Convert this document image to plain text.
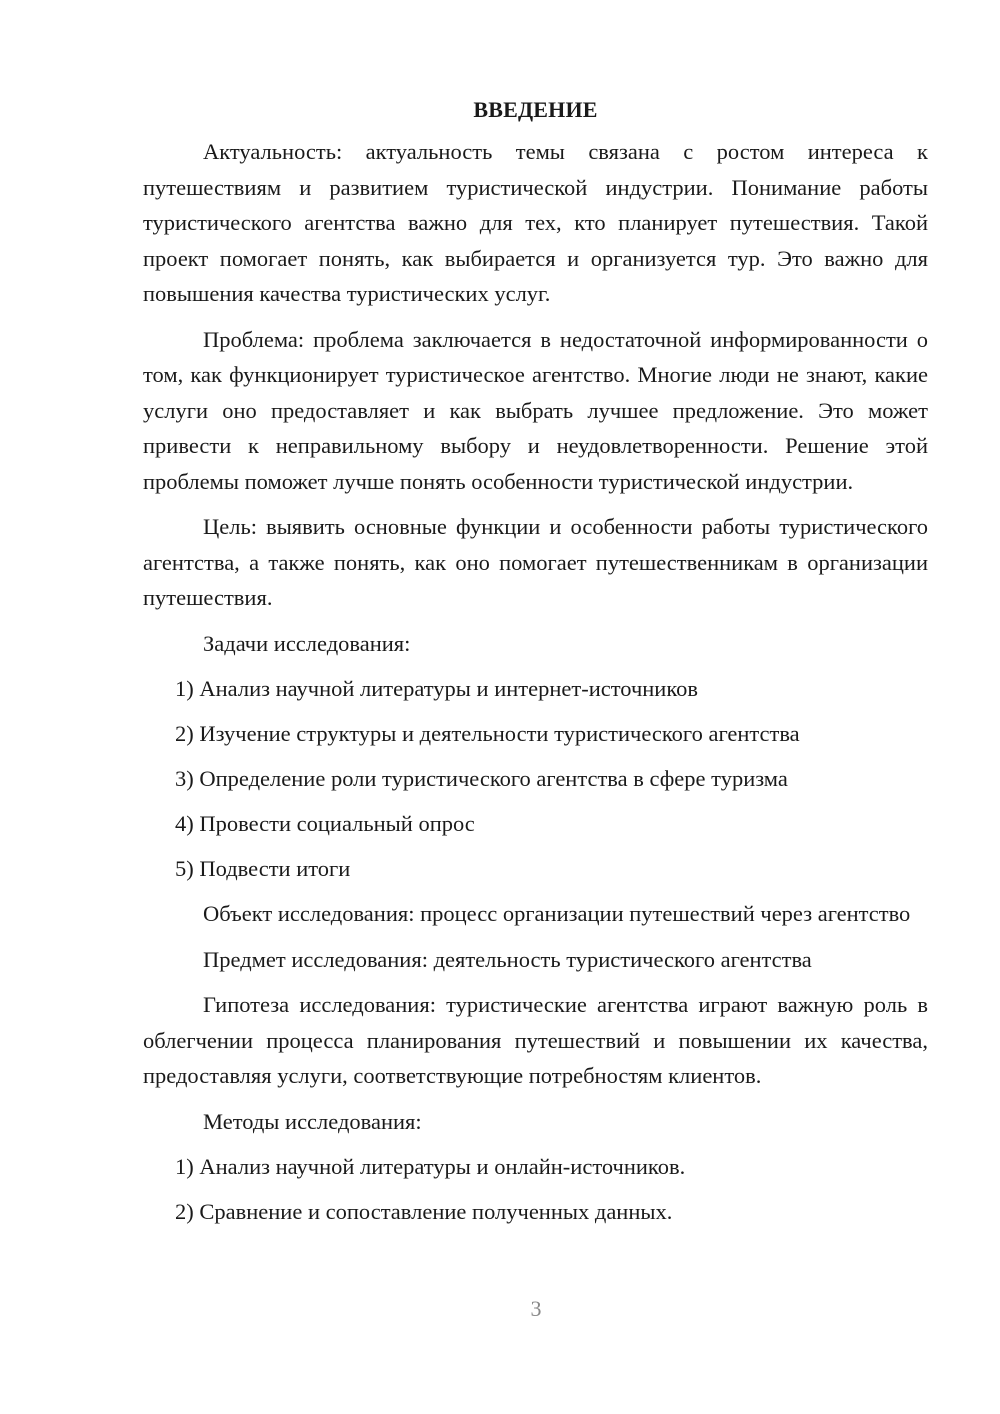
ВВЕДЕНИЕ

Актуальность: актуальность темы связана с ростом интереса к путешествиям и развитием туристической индустрии. Понимание работы туристического агентства важно для тех, кто планирует путешествия. Такой проект помогает понять, как выбирается и организуется тур. Это важно для повышения качества туристических услуг.

Проблема: проблема заключается в недостаточной информированности о том, как функционирует туристическое агентство. Многие люди не знают, какие услуги оно предоставляет и как выбрать лучшее предложение. Это может привести к неправильному выбору и неудовлетворенности. Решение этой проблемы поможет лучше понять особенности туристической индустрии.

Цель: выявить основные функции и особенности работы туристического агентства, а также понять, как оно помогает путешественникам в организации путешествия.

Задачи исследования:

1) Анализ научной литературы и интернет-источников

2) Изучение структуры и деятельности туристического агентства

3) Определение роли туристического агентства в сфере туризма

4) Провести социальный опрос

5) Подвести итоги

Объект исследования: процесс организации путешествий через агентство

Предмет исследования: деятельность туристического агентства

Гипотеза исследования: туристические агентства играют важную роль в облегчении процесса планирования путешествий и повышении их качества, предоставляя услуги, соответствующие потребностям клиентов.

Методы исследования:

1) Анализ научной литературы и онлайн-источников.

2) Сравнение и сопоставление полученных данных.

3
